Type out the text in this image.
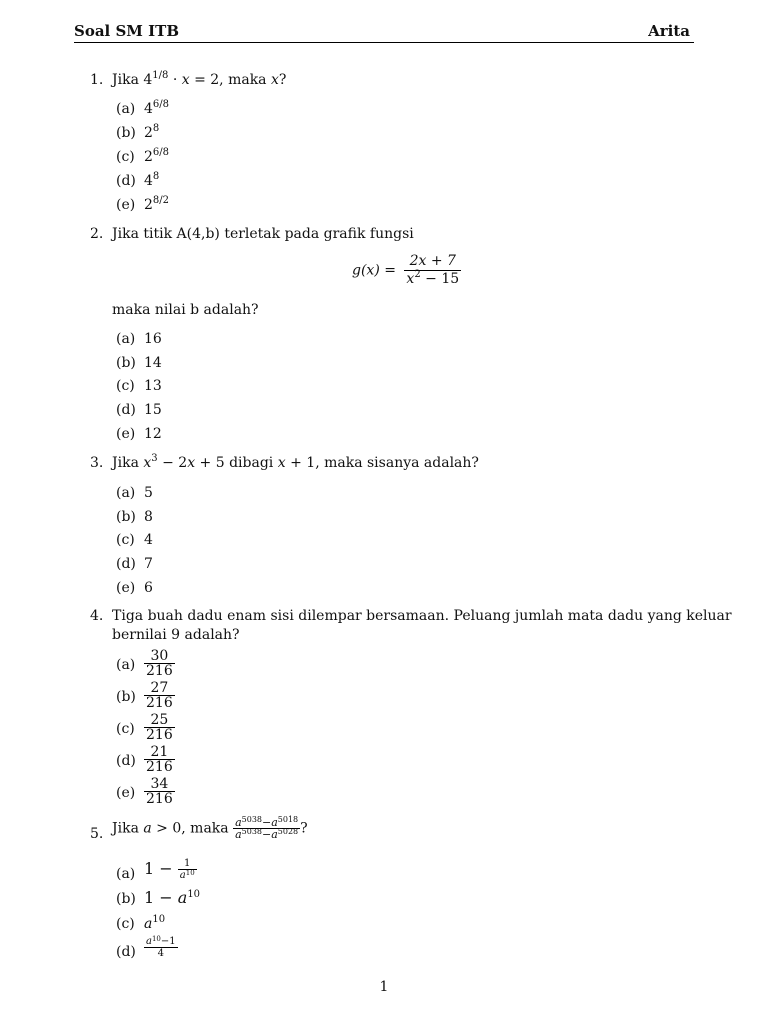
Soal SM ITB	Arita
1. Jika $4^{1/8} \cdot x = 2$, maka x?
(a) $4^{6/8}$
(b) $2^8$
(c) $2^{6/8}$
(d) $4^8$
(e) $2^{8/2}$
2. Jika titik A(4,b) terletak pada grafik fungsi
$g(x) = \frac{2x + 7}{x^2 - 15}$
maka nilai b adalah?
(a) 16
(b) 14
(c) 13
(d) 15
(e) 12
3. Jika $x^3 - 2x + 5$ dibagi x + 1, maka sisanya adalah?
(a) 5
(b) 8
(c) 4
(d) 7
(e) 6
4. Tiga buah dadu enam sisi dilempar bersamaan. Peluang jumlah mata dadu yang keluar
bernilai 9 adalah?
$(a) \frac{30}{216}$
$(b) \frac{27}{216}$
$(c) \frac{25}{216}$
$(d) \frac{21}{216}$
$(e) \frac{34}{216}$
5. Jika a > 0, maka $\frac{a^{5038}-a^{5018}}{a^{5038}-a^{5028}}$ ?
(a) $1 - \frac{1}{a^{10}}$
(b) $1 - a^{10}$
(c) $a^{10}$
$(d) \frac{a^{10}-1}{4}$
1
